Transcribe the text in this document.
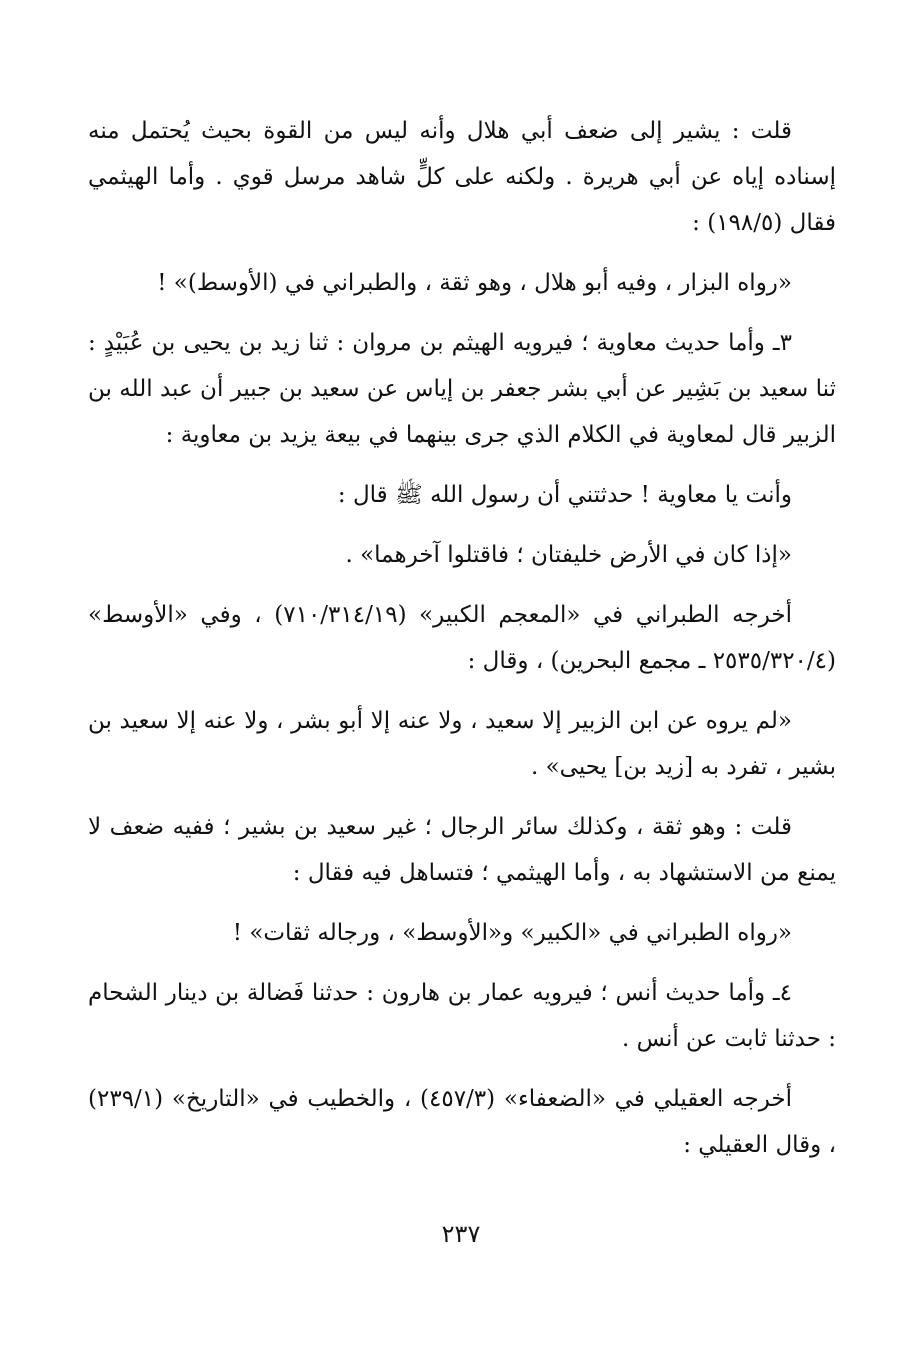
قلت : يشير إلى ضعف أبي هلال وأنه ليس من القوة بحيث يُحتمل منه إسناده إياه عن أبي هريرة . ولكنه على كلٍّ شاهد مرسل قوي . وأما الهيثمي فقال (١٩٨/٥) :

«رواه البزار ، وفيه أبو هلال ، وهو ثقة ، والطبراني في (الأوسط)» !

٣ـ وأما حديث معاوية ؛ فيرويه الهيثم بن مروان : ثنا زيد بن يحيى بن عُبَيْدٍ : ثنا سعيد بن بَشِير عن أبي بشر جعفر بن إياس عن سعيد بن جبير أن عبد الله بن الزبير قال لمعاوية في الكلام الذي جرى بينهما في بيعة يزيد بن معاوية :

وأنت يا معاوية ! حدثتني أن رسول الله ﷺ قال :

«إذا كان في الأرض خليفتان ؛ فاقتلوا آخرهما» .

أخرجه الطبراني في «المعجم الكبير» (٧١٠/٣١٤/١٩) ، وفي «الأوسط» (٢٥٣٥/٣٢٠/٤ ـ مجمع البحرين) ، وقال :

«لم يروه عن ابن الزبير إلا سعيد ، ولا عنه إلا أبو بشر ، ولا عنه إلا سعيد بن بشير ، تفرد به [زيد بن] يحيى» .

قلت : وهو ثقة ، وكذلك سائر الرجال ؛ غير سعيد بن بشير ؛ ففيه ضعف لا يمنع من الاستشهاد به ، وأما الهيثمي ؛ فتساهل فيه فقال :

«رواه الطبراني في «الكبير» و«الأوسط» ، ورجاله ثقات» !

٤ـ وأما حديث أنس ؛ فيرويه عمار بن هارون : حدثنا فَضالة بن دينار الشحام : حدثنا ثابت عن أنس .

أخرجه العقيلي في «الضعفاء» (٤٥٧/٣) ، والخطيب في «التاريخ» (٢٣٩/١) ، وقال العقيلي :

٢٣٧
